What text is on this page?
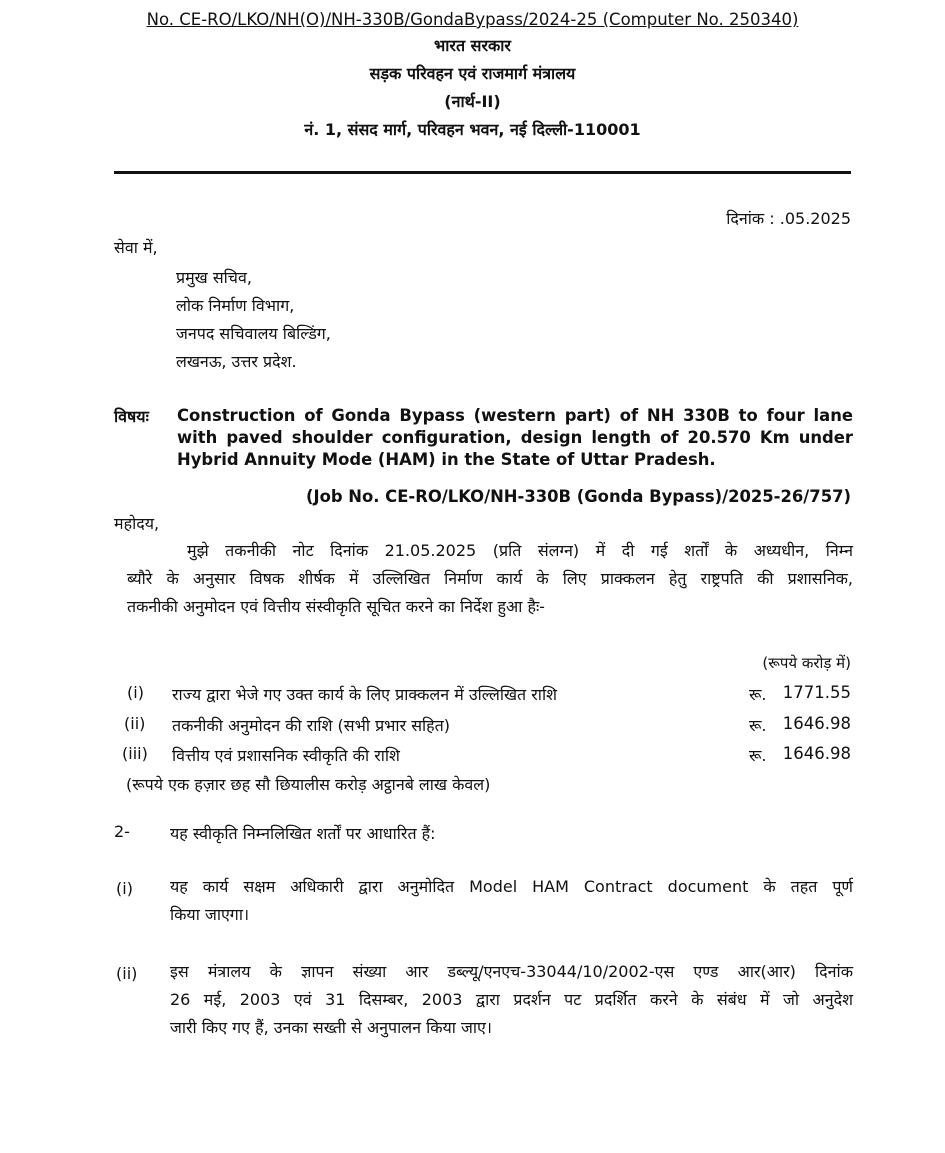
No. CE-RO/LKO/NH(O)/NH-330B/GondaBypass/2024-25 (Computer No. 250340)
भारत सरकार
सड़क परिवहन एवं राजमार्ग मंत्रालय
(नार्थ-II)
नं. 1, संसद मार्ग, परिवहन भवन, नई दिल्ली-110001
दिनांक : .05.2025
सेवा में,
प्रमुख सचिव,
लोक निर्माण विभाग,
जनपद सचिवालय बिल्डिंग,
लखनऊ, उत्तर प्रदेश.
विषयः Construction of Gonda Bypass (western part) of NH 330B to four lane
with paved shoulder configuration, design length of 20.570 Km under
Hybrid Annuity Mode (HAM) in the State of Uttar Pradesh.
(Job No. CE-RO/LKO/NH-330B (Gonda Bypass)/2025-26/757)
महोदय,
मुझे तकनीकी नोट दिनांक 21.05.2025 (प्रति संलग्न) में दी गई शर्तों के अध्यधीन, निम्न
ब्यौरे के अनुसार विषक शीर्षक में उल्लिखित निर्माण कार्य के लिए प्राक्कलन हेतु राष्ट्रपति की प्रशासनिक,
तकनीकी अनुमोदन एवं वित्तीय संस्वीकृति सूचित करने का निर्देश हुआ हैः-
(रूपये करोड़ में)
(i) राज्य द्वारा भेजे गए उक्त कार्य के लिए प्राक्कलन में उल्लिखित राशि	रू. 1771.55
(ii) तकनीकी अनुमोदन की राशि (सभी प्रभार सहित)	रू. 1646.98
(iii) वित्तीय एवं प्रशासनिक स्वीकृति की राशि	रू. 1646.98
(रूपये एक हज़ार छह सौ छियालीस करोड़ अट्ठानबे लाख केवल)
2-	यह स्वीकृति निम्नलिखित शर्तों पर आधारित हैं:
(i) यह कार्य सक्षम अधिकारी द्वारा अनुमोदित Model HAM Contract document के तहत पूर्ण
किया जाएगा।
(ii) इस मंत्रालय के ज्ञापन संख्या आर डब्ल्यू/एनएच-33044/10/2002-एस एण्ड आर(आर) दिनांक
26 मई, 2003 एवं 31 दिसम्बर, 2003 द्वारा प्रदर्शन पट प्रदर्शित करने के संबंध में जो अनुदेश
जारी किए गए हैं, उनका सख्ती से अनुपालन किया जाए।
